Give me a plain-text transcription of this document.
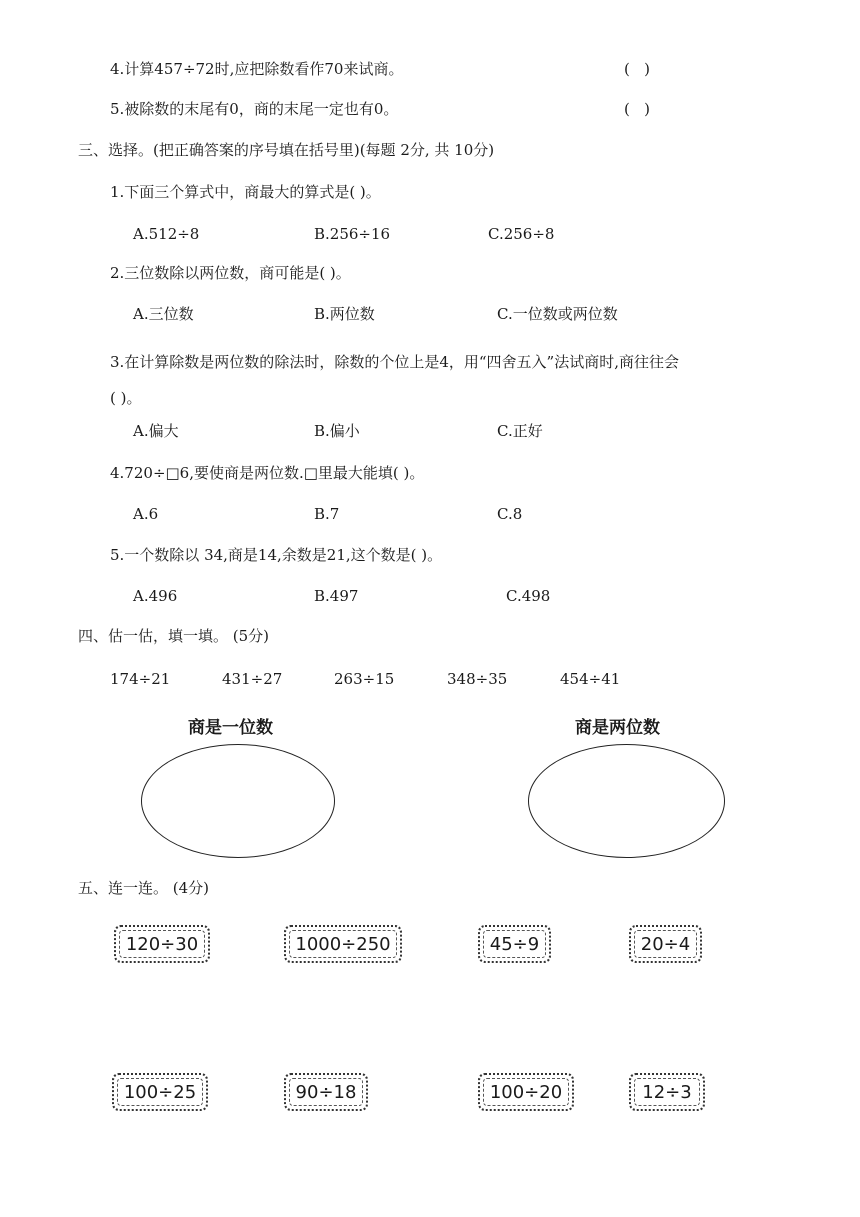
4.计算457÷72时,应把除数看作70来试商。	(   )
5.被除数的末尾有0，商的末尾一定也有0。	(   )
三、选择。(把正确答案的序号填在括号里)(每题 2分, 共 10分)
1.下面三个算式中，商最大的算式是( )。
A.512÷8	B.256÷16	C.256÷8
2.三位数除以两位数，商可能是( )。
A.三位数	B.两位数	C.一位数或两位数
3.在计算除数是两位数的除法时，除数的个位上是4，用“四舍五入”法试商时,商往往会
( )。
A.偏大	B.偏小	C.正好
4.720÷□6,要使商是两位数.□里最大能填( )。
A.6	B.7	C.8
5.一个数除以 34,商是14,余数是21,这个数是( )。
A.496	B.497	C.498
四、估一估，填一填。 (5分)
174÷21	431÷27	263÷15	348÷35	454÷41
商是一位数	商是两位数
五、连一连。 (4分)
120÷30	1000÷250	45÷9	20÷4
100÷25	90÷18	100÷20	12÷3
